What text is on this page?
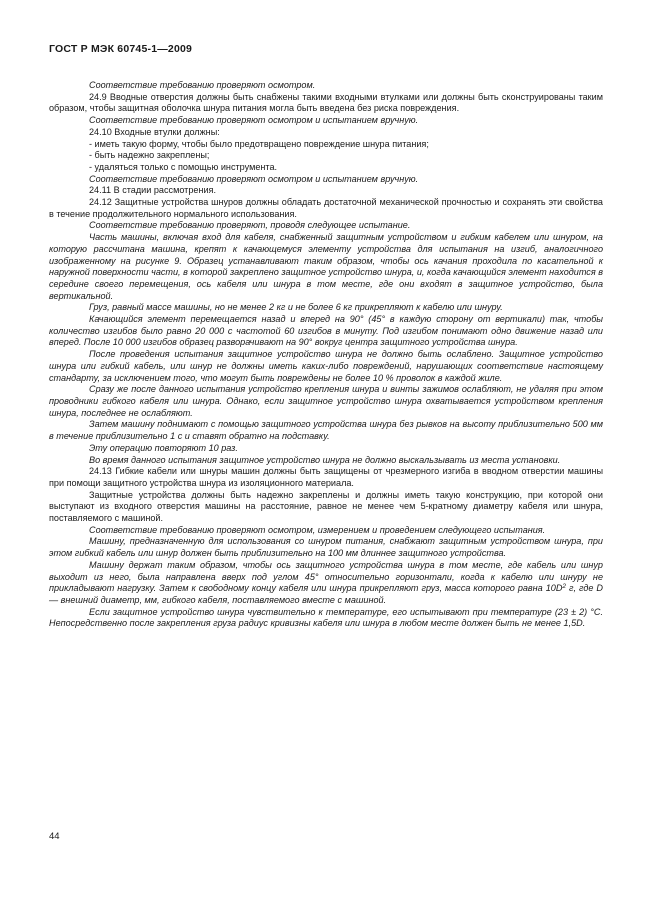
ГОСТ Р МЭК 60745-1—2009

Соответствие требованию проверяют осмотром.

24.9 Вводные отверстия должны быть снабжены такими входными втулками или должны быть сконструированы таким образом, чтобы защитная оболочка шнура питания могла быть введена без риска повреждения.

Соответствие требованию проверяют осмотром и испытанием вручную.

24.10 Входные втулки должны:

- иметь такую форму, чтобы было предотвращено повреждение шнура питания;

- быть надежно закреплены;

- удаляться только с помощью инструмента.

Соответствие требованию проверяют осмотром и испытанием вручную.

24.11 В стадии рассмотрения.

24.12 Защитные устройства шнуров должны обладать достаточной механической прочностью и сохранять эти свойства в течение продолжительного нормального использования.

Соответствие требованию проверяют, проводя следующее испытание.

Часть машины, включая вход для кабеля, снабженный защитным устройством и гибким кабелем или шнуром, на которую рассчитана машина, крепят к качающемуся элементу устройства для испытания на изгиб, аналогичного изображенному на рисунке 9. Образец устанавливают таким образом, чтобы ось качания проходила по касательной к наружной поверхности части, в которой закреплено защитное устройство шнура, и, когда качающийся элемент находится в середине своего перемещения, ось кабеля или шнура в том месте, где они входят в защитное устройство, была вертикальной.

Груз, равный массе машины, но не менее 2 кг и не более 6 кг прикрепляют к кабелю или шнуру.

Качающийся элемент перемещается назад и вперед на 90° (45° в каждую сторону от вертикали) так, чтобы количество изгибов было равно 20 000 с частотой 60 изгибов в минуту. Под изгибом понимают одно движение назад или вперед. После 10 000 изгибов образец разворачивают на 90° вокруг центра защитного устройства шнура.

После проведения испытания защитное устройство шнура не должно быть ослаблено. Защитное устройство шнура или гибкий кабель, или шнур не должны иметь каких-либо повреждений, нарушающих соответствие настоящему стандарту, за исключением того, что могут быть повреждены не более 10 % проволок в каждой жиле.

Сразу же после данного испытания устройство крепления шнура и винты зажимов ослабляют, не удаляя при этом проводники гибкого кабеля или шнура. Однако, если защитное устройство шнура охватывается устройством крепления шнура, последнее не ослабляют.

Затем машину поднимают с помощью защитного устройства шнура без рывков на высоту приблизительно 500 мм в течение приблизительно 1 с и ставят обратно на подставку.

Эту операцию повторяют 10 раз.

Во время данного испытания защитное устройство шнура не должно выскальзывать из места установки.

24.13 Гибкие кабели или шнуры машин должны быть защищены от чрезмерного изгиба в вводном отверстии машины при помощи защитного устройства шнура из изоляционного материала.

Защитные устройства должны быть надежно закреплены и должны иметь такую конструкцию, при которой они выступают из входного отверстия машины на расстояние, равное не менее чем 5-кратному диаметру кабеля или шнура, поставляемого с машиной.

Соответствие требованию проверяют осмотром, измерением и проведением следующего испытания.

Машину, предназначенную для использования со шнуром питания, снабжают защитным устройством шнура, при этом гибкий кабель или шнур должен быть приблизительно на 100 мм длиннее защитного устройства.

Машину держат таким образом, чтобы ось защитного устройства шнура в том месте, где кабель или шнур выходит из него, была направлена вверх под углом 45° относительно горизонтали, когда к кабелю или шнуру не прикладывают нагрузку. Затем к свободному концу кабеля или шнура прикрепляют груз, масса которого равна $10D^2$ г, где D — внешний диаметр, мм, гибкого кабеля, поставляемого вместе с машиной.

Если защитное устройство шнура чувствительно к температуре, его испытывают при температуре (23 ± 2) °С. Непосредственно после закрепления груза радиус кривизны кабеля или шнура в любом месте должен быть не менее 1,5D.

44
